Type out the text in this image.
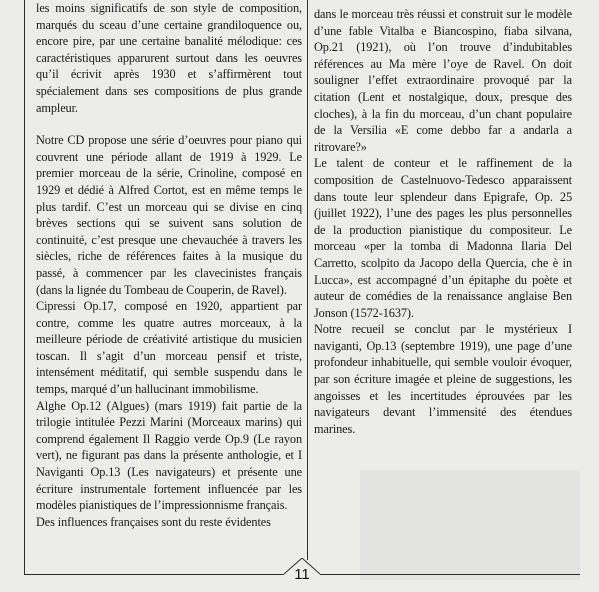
11

les moins significatifs de son style de composition, marqués du sceau d’une certaine grandiloquence ou, encore pire, par une certaine banalité mélodique: ces caractéristiques apparurent surtout dans les oeuvres qu’il écrivit après 1930 et s’affirmèrent tout spécialement dans ses compositions de plus grande ampleur.

Notre CD propose une série d’oeuvres pour piano qui couvrent une période allant de 1919 à 1929. Le premier morceau de la série, Crinoline, composé en 1929 et dédié à Alfred Cortot, est en même temps le plus tardif. C’est un morceau qui se divise en cinq brèves sections qui se suivent sans solution de continuité, c’est presque une chevauchée à travers les siècles, riche de références faites à la musique du passé, à commencer par les clavecinistes français (dans la lignée du Tombeau de Couperin, de Ravel).

Cipressi Op.17, composé en 1920, appartient par contre, comme les quatre autres morceaux, à la meilleure période de créativité artistique du musicien toscan. Il s’agit d’un morceau pensif et triste, intensément méditatif, qui semble suspendu dans le temps, marqué d’un hallucinant immobilisme.

Alghe Op.12 (Algues) (mars 1919) fait partie de la trilogie intitulée Pezzi Marini (Morceaux marins) qui comprend également Il Raggio verde Op.9 (Le rayon vert), ne figurant pas dans la présente anthologie, et I Naviganti Op.13 (Les navigateurs) et présente une écriture instrumentale fortement influencée par les modèles pianistiques de l’impressionnisme français.

Des influences françaises sont du reste évidentes

dans le morceau très réussi et construit sur le modèle d’une fable Vitalba e Biancospino, fiaba silvana, Op.21 (1921), où l’on trouve d’indubitables références au Ma mère l’oye de Ravel. On doit souligner l’effet extraordinaire provoqué par la citation (Lent et nostalgique, doux, presque des cloches), à la fin du morceau, d’un chant populaire de la Versilia «E come debbo far a andarla a ritrovare?»

Le talent de conteur et le raffinement de la composition de Castelnuovo-Tedesco apparaissent dans toute leur splendeur dans Epigrafe, Op. 25 (juillet 1922), l’une des pages les plus personnelles de la production pianistique du compositeur. Le morceau «per la tomba di Madonna Ilaria Del Carretto, scolpito da Jacopo della Quercia, che è in Lucca», est accompagné d’un épitaphe du poète et auteur de comédies de la renaissance anglaise Ben Jonson (1572-1637).

Notre recueil se conclut par le mystérieux I naviganti, Op.13 (septembre 1919), une page d’une profondeur inhabituelle, qui semble vouloir évoquer, par son écriture imagée et pleine de suggestions, les angoisses et les incertitudes éprouvées par les navigateurs devant l’immensité des étendues marines.
